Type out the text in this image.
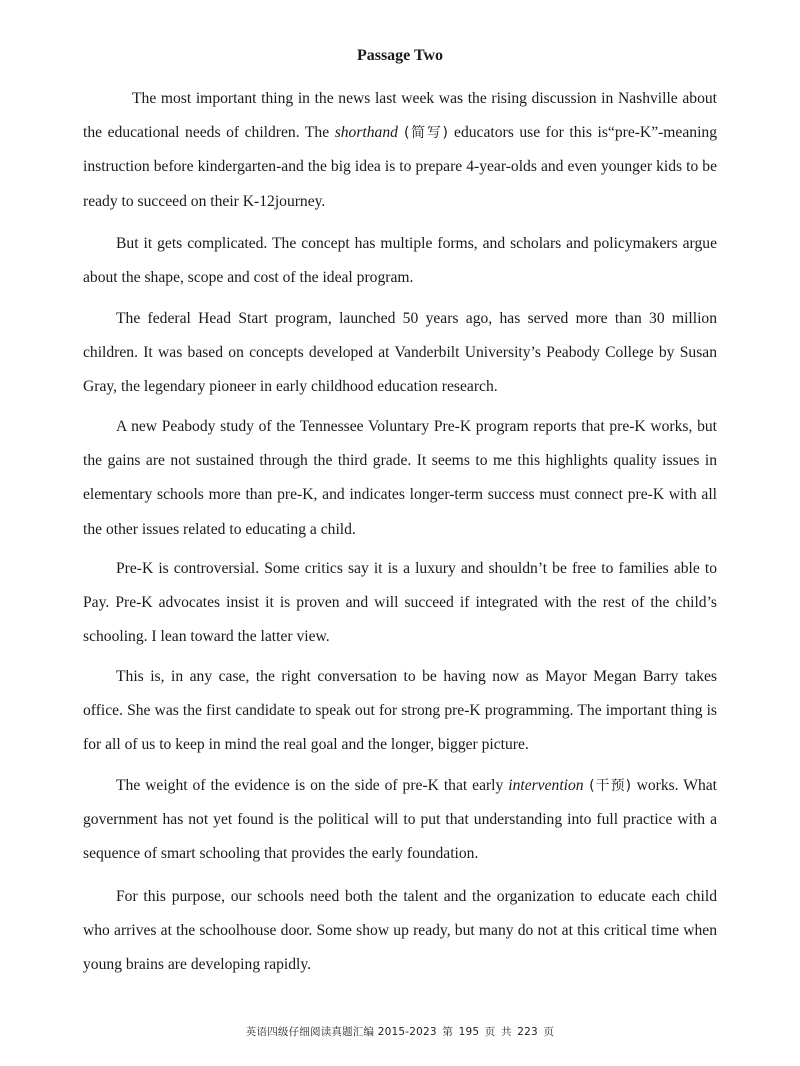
Passage Two

The most important thing in the news last week was the rising discussion in Nashville about the educational needs of children. The shorthand (简写) educators use for this is“pre-K”-meaning instruction before kindergarten-and the big idea is to prepare 4-year-olds and even younger kids to be ready to succeed on their K-12journey.

But it gets complicated. The concept has multiple forms, and scholars and policymakers argue about the shape, scope and cost of the ideal program.

The federal Head Start program, launched 50 years ago, has served more than 30 million children. It was based on concepts developed at Vanderbilt University’s Peabody College by Susan Gray, the legendary pioneer in early childhood education research.

A new Peabody study of the Tennessee Voluntary Pre-K program reports that pre-K works, but the gains are not sustained through the third grade. It seems to me this highlights quality issues in elementary schools more than pre-K, and indicates longer-term success must connect pre-K with all the other issues related to educating a child.

Pre-K is controversial. Some critics say it is a luxury and shouldn’t be free to families able to Pay. Pre-K advocates insist it is proven and will succeed if integrated with the rest of the child’s schooling. I lean toward the latter view.

This is, in any case, the right conversation to be having now as Mayor Megan Barry takes office. She was the first candidate to speak out for strong pre-K programming. The important thing is for all of us to keep in mind the real goal and the longer, bigger picture.

The weight of the evidence is on the side of pre-K that early intervention (干预) works. What government has not yet found is the political will to put that understanding into full practice with a sequence of smart schooling that provides the early foundation.

For this purpose, our schools need both the talent and the organization to educate each child who arrives at the schoolhouse door. Some show up ready, but many do not at this critical time when young brains are developing rapidly.

英语四级仔细阅读真题汇编 2015-2023 第 195 页 共 223 页
